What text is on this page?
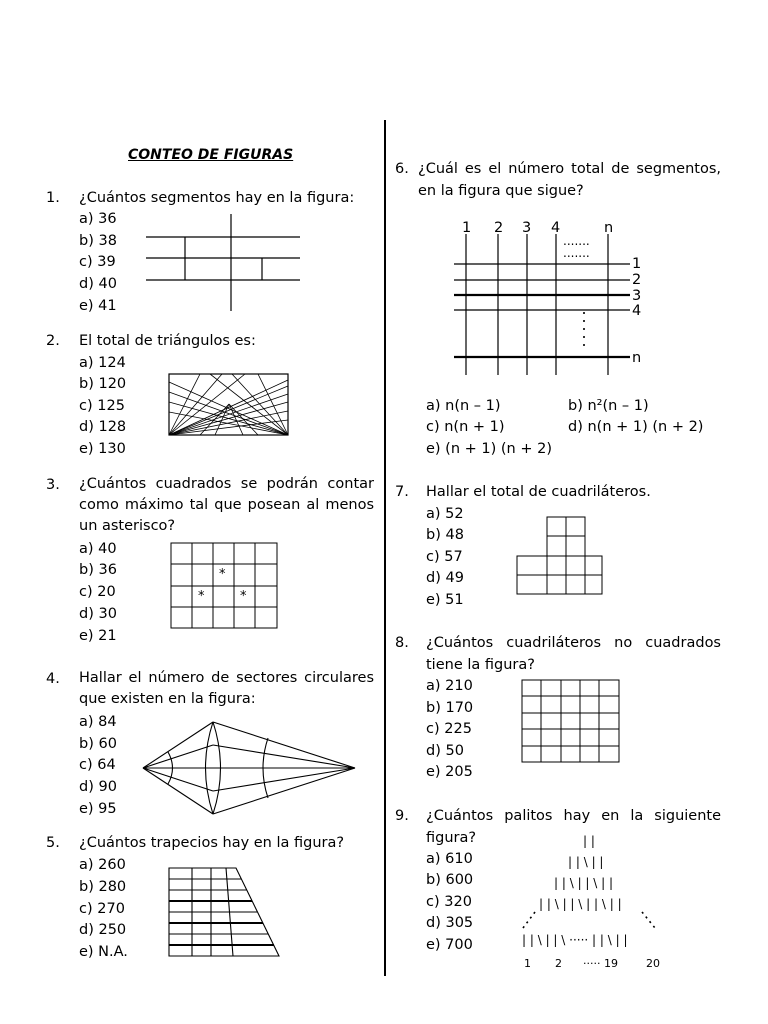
CONTEO DE FIGURAS
1. ¿Cuántos segmentos hay en la figura:
a) 36
b) 38
c) 39
d) 40
e) 41
2. El total de triángulos es:
a) 124
b) 120
c) 125
d) 128
e) 130
3. ¿Cuántos cuadrados se podrán contar como máximo tal que posean al menos un asterisco?
a) 40
b) 36
c) 20
d) 30
e) 21
*
*	*
4. Hallar el número de sectores circulares que existen en la figura:
a) 84
b) 60
c) 64
d) 90
e) 95
5. ¿Cuántos trapecios hay en la figura?
a) 260
b) 280
c) 270
d) 250
e) N.A.
6. ¿Cuál es el número total de segmentos, en la figura que sigue?
1 2 3 4	n
.......
.......
1
2
3
4
n
a) n(n – 1)	b) n²(n – 1)
c) n(n + 1)	d) n(n + 1) (n + 2)
e) (n + 1) (n + 2)
7. Hallar el total de cuadriláteros.
a) 52
b) 48
c) 57
d) 49
e) 51
8. ¿Cuántos cuadriláteros no cuadrados tiene la figura?
a) 210
b) 170
c) 225
d) 50
e) 205
9. ¿Cuántos palitos hay en la siguiente figura?
a) 610
b) 600
c) 320
d) 305
e) 700
| |
| | \ | |
| | \ | | \ | |
| | \ | | \ | | \ | |
| | \ | | \ ····· | | \ | |
1 2 ····· 19	20
